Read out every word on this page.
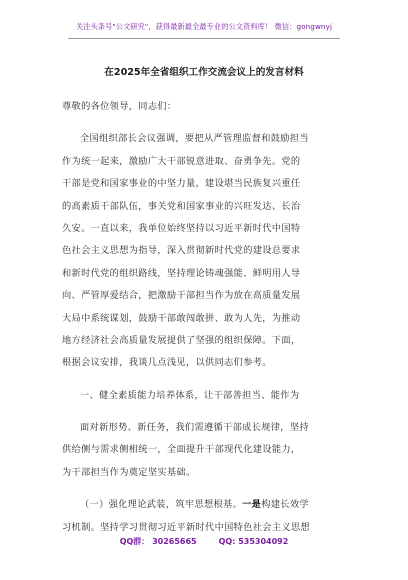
关注头条号"公文研究"，获得最新最全最专业的公文资料库！ 微信：gongwnyj
在2025年全省组织工作交流会议上的发言材料
尊敬的各位领导，同志们：
全国组织部长会议强调，要把从严管理监督和鼓励担当
作为统一起来，激励广大干部锐意进取、奋勇争先。党的
干部是党和国家事业的中坚力量，建设堪当民族复兴重任
的高素质干部队伍，事关党和国家事业的兴旺发达、长治
久安。一直以来，我单位始终坚持以习近平新时代中国特
色社会主义思想为指导，深入贯彻新时代党的建设总要求
和新时代党的组织路线，坚持理论铸魂强能、鲜明用人导
向、严管厚爱结合，把激励干部担当作为放在高质量发展
大局中系统谋划，鼓励干部敢闯敢拼、敢为人先，为推动
地方经济社会高质量发展提供了坚强的组织保障。下面，
根据会议安排，我谈几点浅见，以供同志们参考。
一、健全素质能力培养体系，让干部善担当、能作为
面对新形势、新任务，我们需遵循干部成长规律，坚持
供给侧与需求侧相统一，全面提升干部现代化建设能力，
为干部担当作为奠定坚实基础。
（一）强化理论武装，筑牢思想根基。一是构建长效学
习机制。坚持学习贯彻习近平新时代中国特色社会主义思想
QQ群： 30265665	QQ: 535304092
